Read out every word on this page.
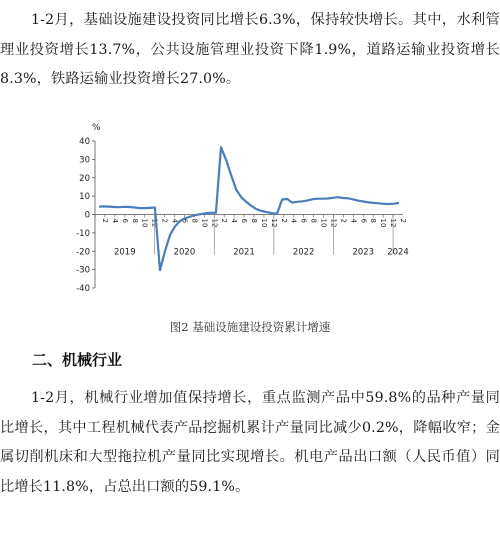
1-2月，基础设施建设投资同比增长6.3%，保持较快增长。其中，水利管理业投资增长13.7%，公共设施管理业投资下降1.9%，道路运输业投资增长8.3%，铁路运输业投资增长27.0%。

%
40
30
20
10
0
-10
-20
-30
-40
2 4 6 8 10 12 2 4 6 8 10 12 2 4 6 8 10 12 2 4 6 8 10 12 2 4 6 8 10 12 2
2019	2020	2021	2022	2023 2024
图2 基础设施建设投资累计增速
二、机械行业

1-2月，机械行业增加值保持增长，重点监测产品中59.8%的品种产量同比增长，其中工程机械代表产品挖掘机累计产量同比减少0.2%，降幅收窄；金属切削机床和大型拖拉机产量同比实现增长。机电产品出口额（人民币值）同比增长11.8%，占总出口额的59.1%。
